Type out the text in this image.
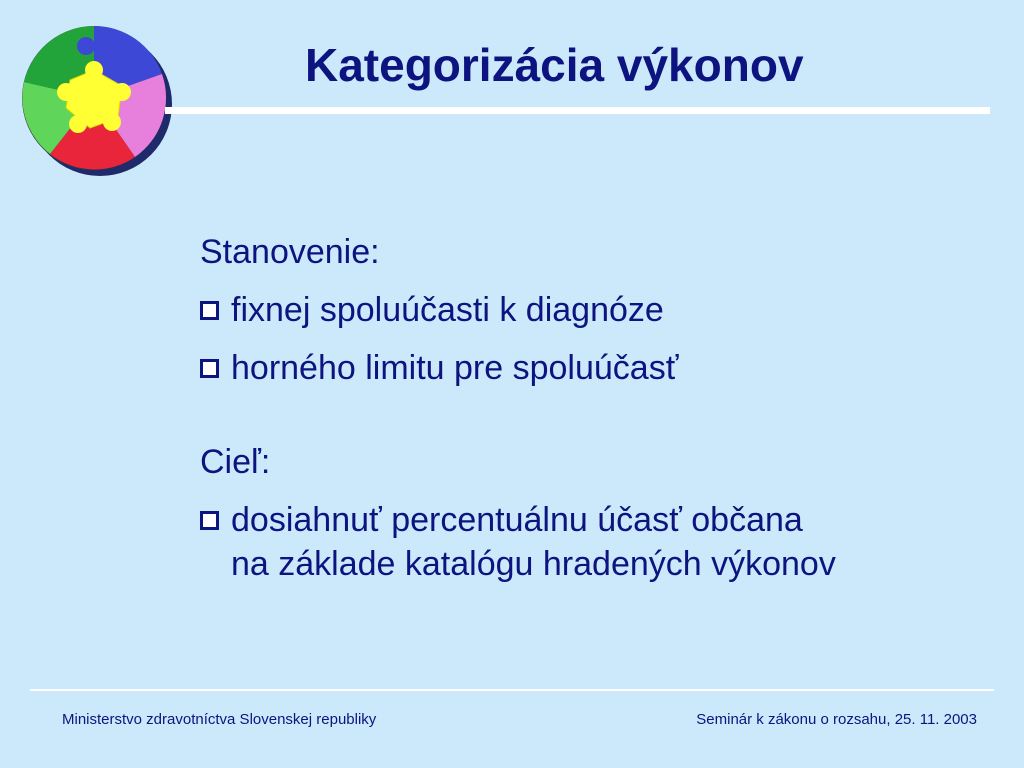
Kategorizácia výkonov
Stanovenie:
fixnej spoluúčasti k diagnóze
horného limitu pre spoluúčasť
Cieľ:
dosiahnuť percentuálnu účasť občana
na základe katalógu hradených výkonov
Ministerstvo zdravotníctva Slovenskej republiky	Seminár k zákonu o rozsahu, 25. 11. 2003
